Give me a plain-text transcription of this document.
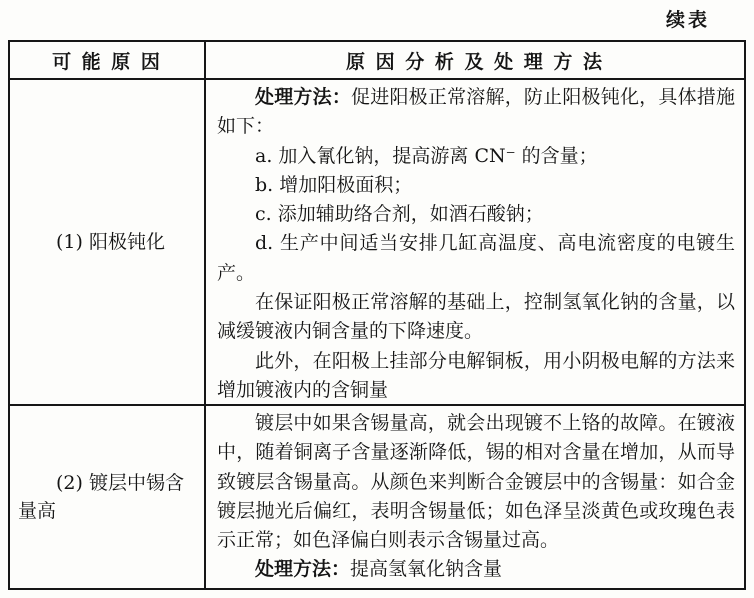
续表
可 能 原 因	原 因 分 析 及 处 理 方 法

(1) 阳极钝化

处理方法：促进阳极正常溶解，防止阳极钝化，具体措施如下：

a. 加入氰化钠，提高游离 CN⁻ 的含量；

b. 增加阳极面积；

c. 添加辅助络合剂，如酒石酸钠；

d. 生产中间适当安排几缸高温度、高电流密度的电镀生产。

在保证阳极正常溶解的基础上，控制氢氧化钠的含量，以减缓镀液内铜含量的下降速度。

此外，在阳极上挂部分电解铜板，用小阴极电解的方法来增加镀液内的含铜量

(2) 镀层中锡含量高

镀层中如果含锡量高，就会出现镀不上铬的故障。在镀液中，随着铜离子含量逐渐降低，锡的相对含量在增加，从而导致镀层含锡量高。从颜色来判断合金镀层中的含锡量：如合金镀层抛光后偏红，表明含锡量低；如色泽呈淡黄色或玫瑰色表示正常；如色泽偏白则表示含锡量过高。

处理方法：提高氢氧化钠含量
